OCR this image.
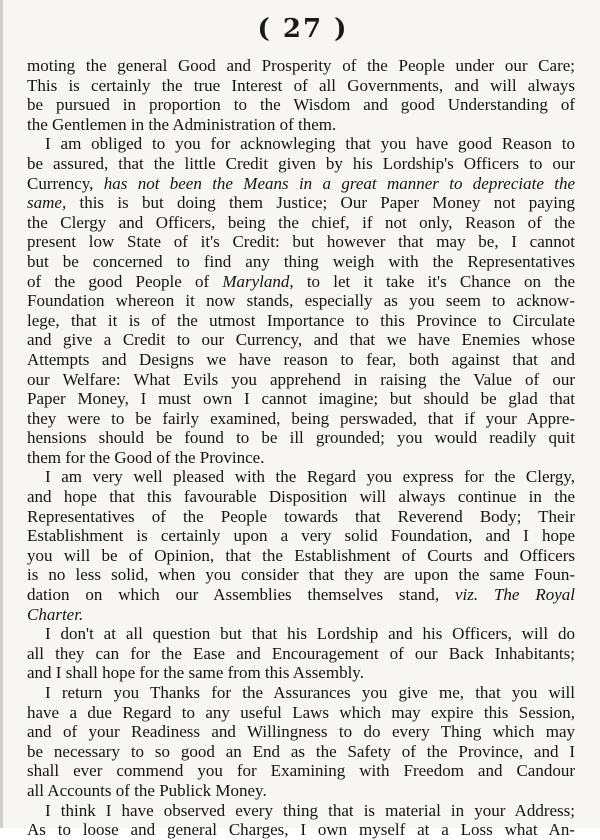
( 27 )
moting the general Good and Prosperity of the People under our Care;
This is certainly the true Interest of all Governments, and will always
be pursued in proportion to the Wisdom and good Understanding of
the Gentlemen in the Administration of them.
I am obliged to you for acknowleging that you have good Reason to
be assured, that the little Credit given by his Lordship's Officers to our
Currency, has not been the Means in a great manner to depreciate the
same, this is but doing them Justice; Our Paper Money not paying
the Clergy and Officers, being the chief, if not only, Reason of the
present low State of it's Credit: but however that may be, I cannot
but be concerned to find any thing weigh with the Representatives
of the good People of Maryland, to let it take it's Chance on the
Foundation whereon it now stands, especially as you seem to acknow-
lege, that it is of the utmost Importance to this Province to Circulate
and give a Credit to our Currency, and that we have Enemies whose
Attempts and Designs we have reason to fear, both against that and
our Welfare: What Evils you apprehend in raising the Value of our
Paper Money, I must own I cannot imagine; but should be glad that
they were to be fairly examined, being perswaded, that if your Appre-
hensions should be found to be ill grounded; you would readily quit
them for the Good of the Province.
I am very well pleased with the Regard you express for the Clergy,
and hope that this favourable Disposition will always continue in the
Representatives of the People towards that Reverend Body; Their
Establishment is certainly upon a very solid Foundation, and I hope
you will be of Opinion, that the Establishment of Courts and Officers
is no less solid, when you consider that they are upon the same Foun-
dation on which our Assemblies themselves stand, viz. The Royal
Charter.
I don't at all question but that his Lordship and his Officers, will do
all they can for the Ease and Encouragement of our Back Inhabitants;
and I shall hope for the same from this Assembly.
I return you Thanks for the Assurances you give me, that you will
have a due Regard to any useful Laws which may expire this Session,
and of your Readiness and Willingness to do every Thing which may
be necessary to so good an End as the Safety of the Province, and I
shall ever commend you for Examining with Freedom and Candour
all Accounts of the Publick Money.
I think I have observed every thing that is material in your Address;
As to loose and general Charges, I own myself at a Loss what An-
